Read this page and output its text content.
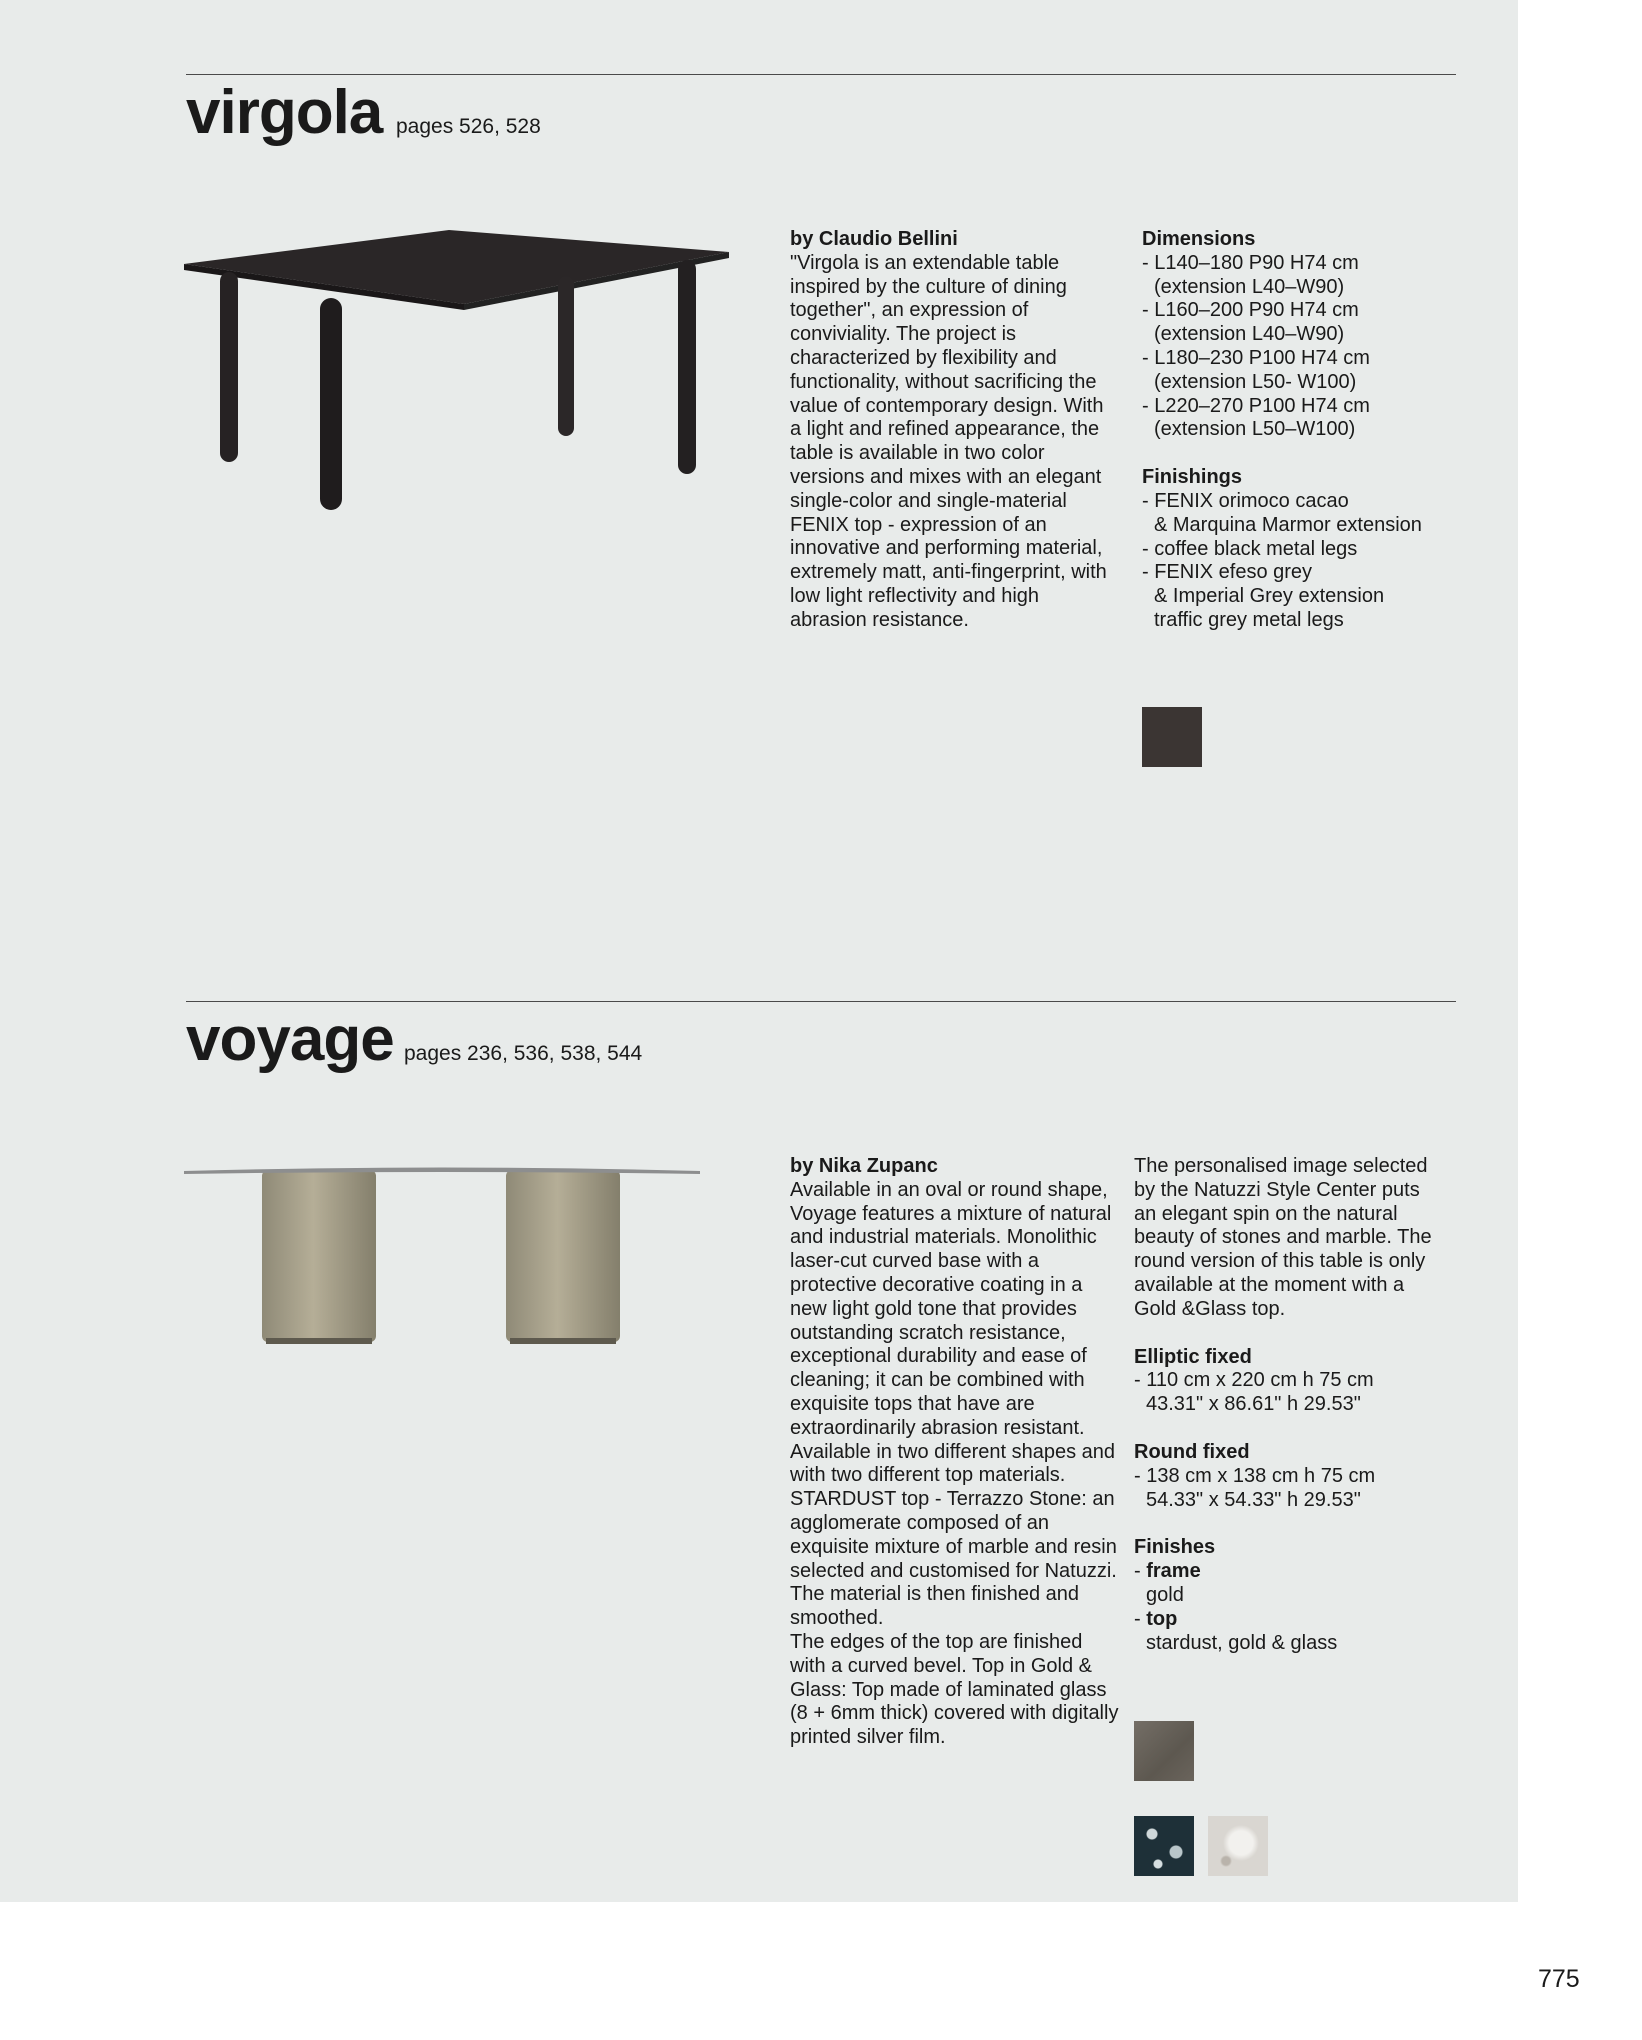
virgola pages 526, 528

by Claudio Bellini

"Virgola is an extendable table inspired by the culture of dining together", an expression of conviviality. The project is characterized by flexibility and functionality, without sacrificing the value of contemporary design. With a light and refined appearance, the table is available in two color versions and mixes with an elegant single-color and single-material FENIX top - expression of an innovative and performing material, extremely matt, anti-fingerprint, with low light reflectivity and high abrasion resistance.

Dimensions

- L140–180 P90 H74 cm

(extension L40–W90)

- L160–200 P90 H74 cm

(extension L40–W90)

- L180–230 P100 H74 cm

(extension L50- W100)

- L220–270 P100 H74 cm

(extension L50–W100)

Finishings

- FENIX orimoco cacao

& Marquina Marmor extension

- coffee black metal legs

- FENIX efeso grey

& Imperial Grey extension

traffic grey metal legs

voyage pages 236, 536, 538, 544

by Nika Zupanc

Available in an oval or round shape, Voyage features a mixture of natural and industrial materials. Monolithic laser-cut curved base with a protective decorative coating in a new light gold tone that provides outstanding scratch resistance, exceptional durability and ease of cleaning; it can be combined with exquisite tops that have are extraordinarily abrasion resistant. Available in two different shapes and with two different top materials. STARDUST top - Terrazzo Stone: an agglomerate composed of an exquisite mixture of marble and resin selected and customised for Natuzzi.

The material is then finished and smoothed.

The edges of the top are finished with a curved bevel. Top in Gold & Glass: Top made of laminated glass (8 + 6mm thick) covered with digitally printed silver film.

The personalised image selected by the Natuzzi Style Center puts an elegant spin on the natural beauty of stones and marble. The round version of this table is only available at the moment with a Gold &Glass top.

Elliptic fixed

- 110 cm x 220 cm h 75 cm

43.31" x 86.61" h 29.53"

Round fixed

- 138 cm x 138 cm h 75 cm

54.33" x 54.33" h 29.53"

Finishes

- frame

gold

- top

stardust, gold & glass

775
